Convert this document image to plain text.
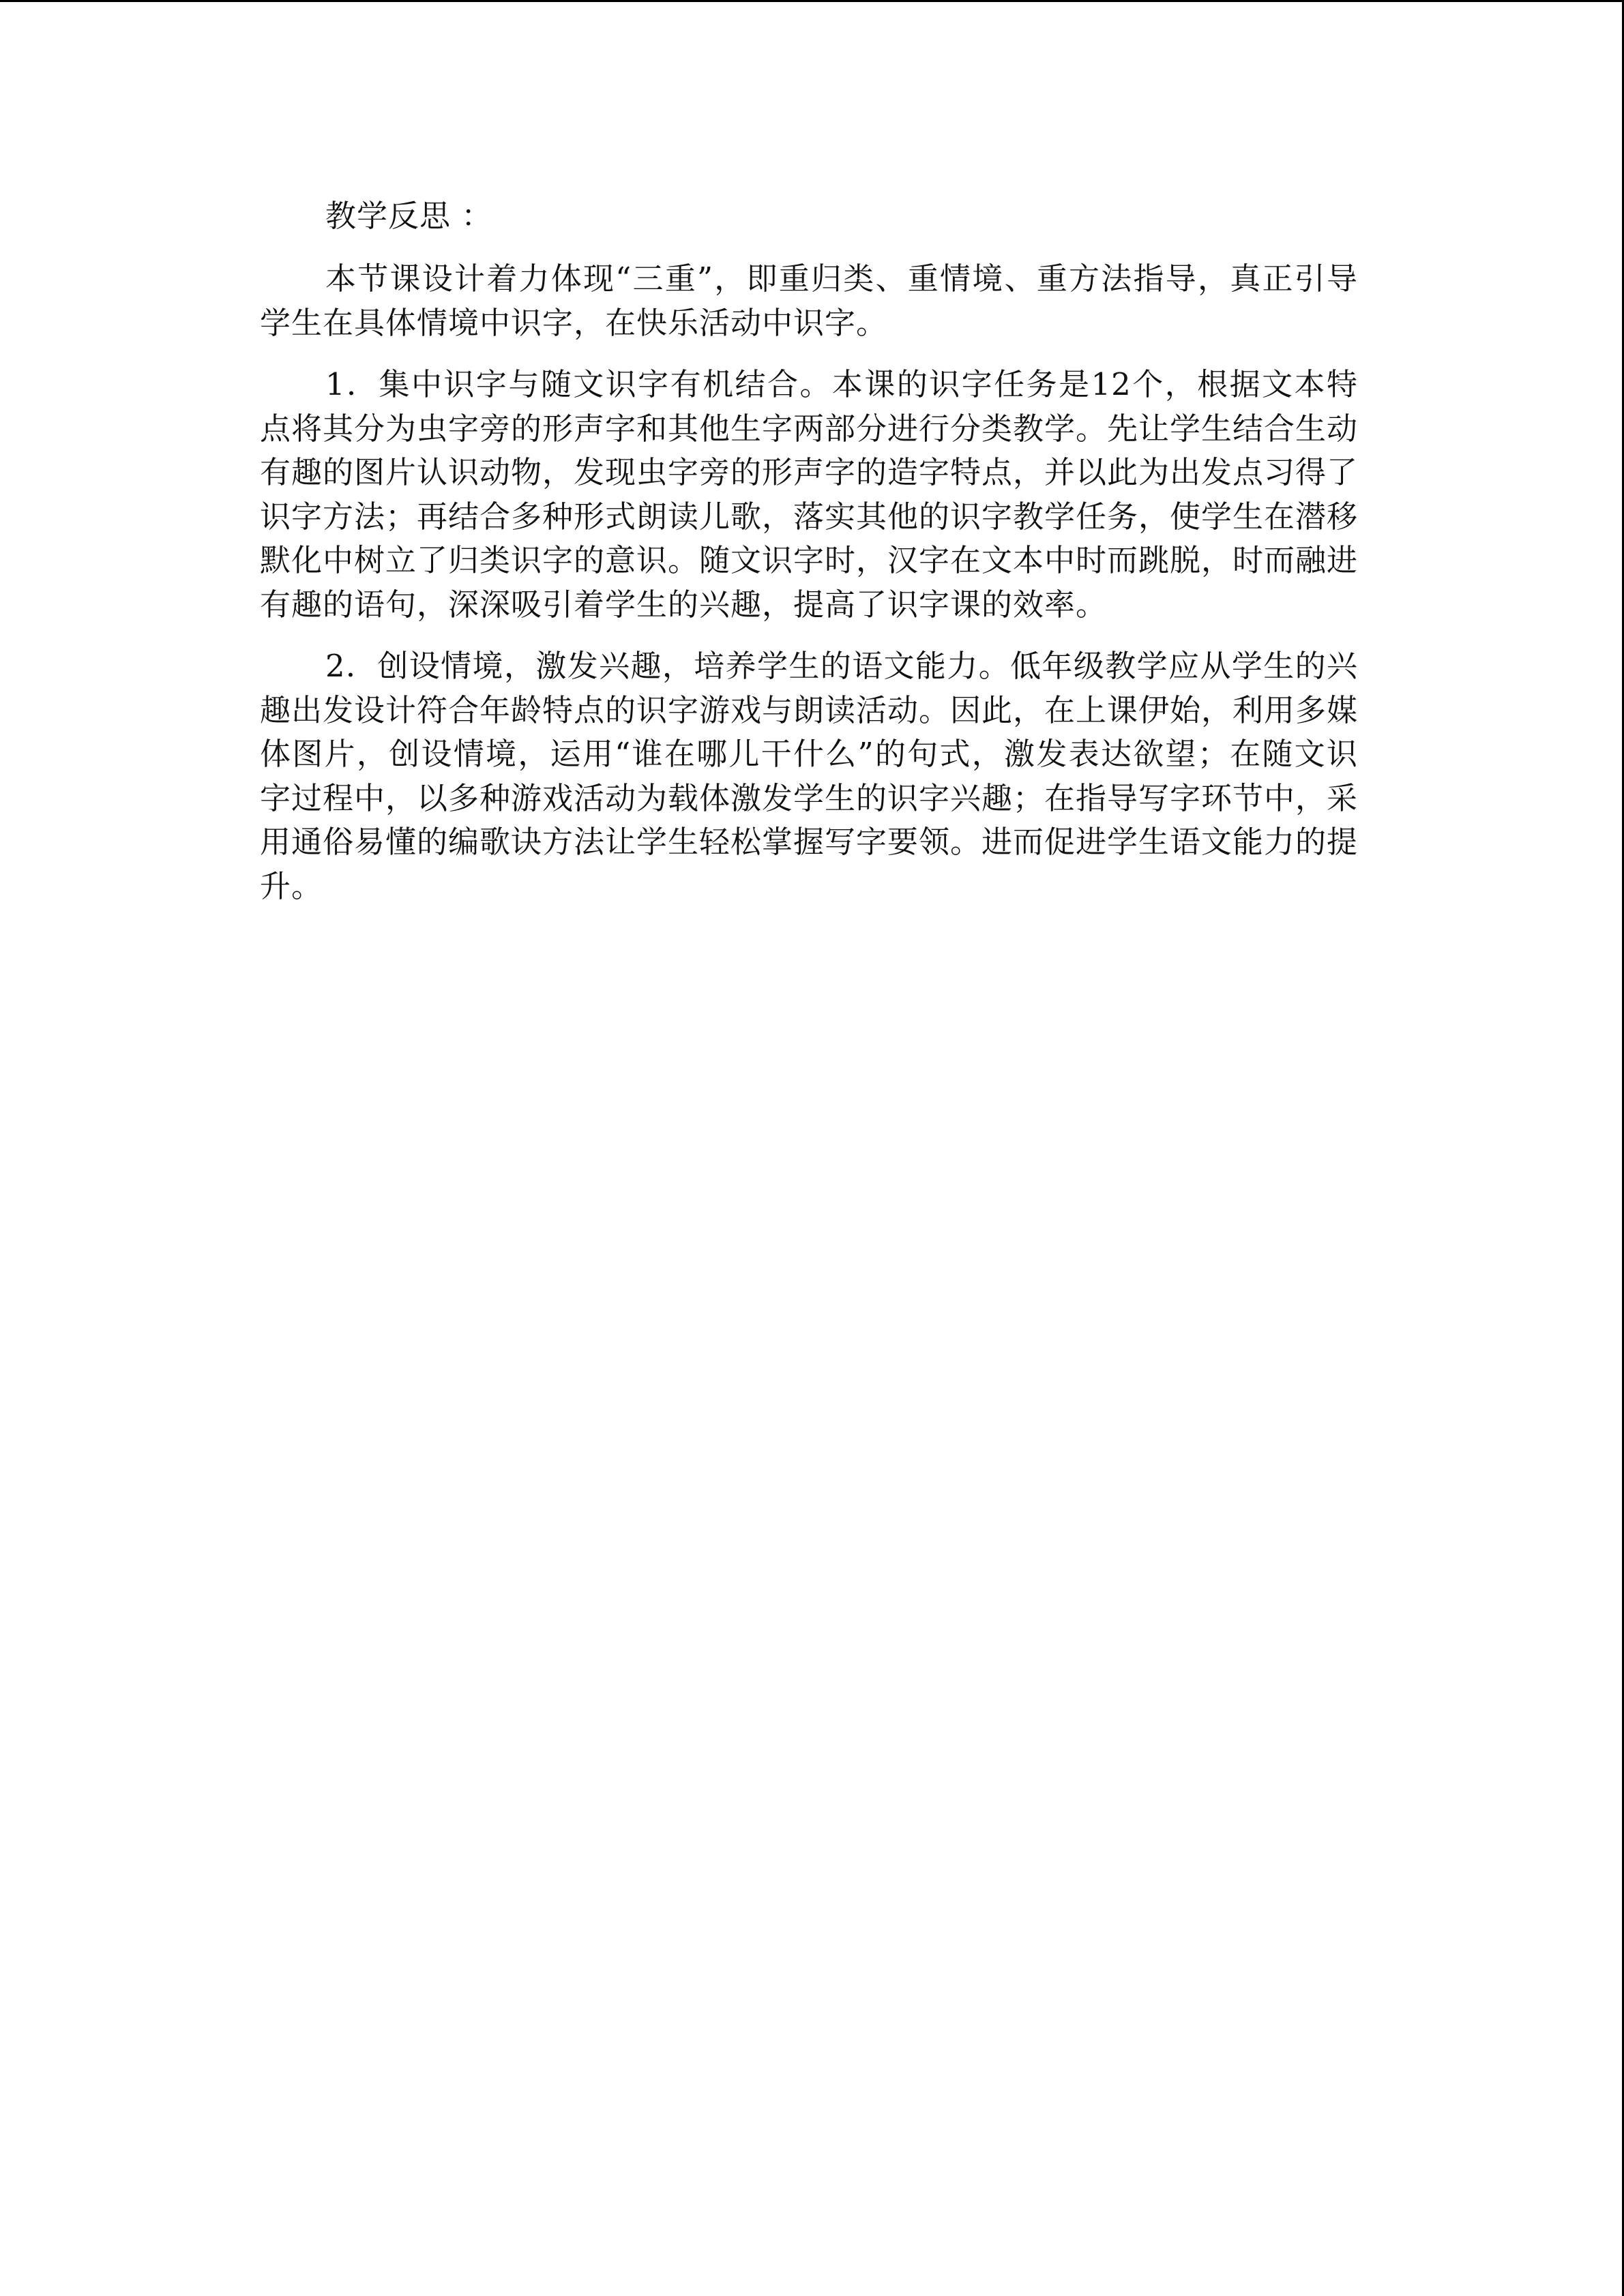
教学反思 ：

本节课设计着力体现“三重”，即重归类、重情境、重方法指导，真正引导学生在具体情境中识字，在快乐活动中识字。

1．集中识字与随文识字有机结合。本课的识字任务是12个，根据文本特点将其分为虫字旁的形声字和其他生字两部分进行分类教学。先让学生结合生动有趣的图片认识动物，发现虫字旁的形声字的造字特点，并以此为出发点习得了识字方法；再结合多种形式朗读儿歌，落实其他的识字教学任务，使学生在潜移默化中树立了归类识字的意识。随文识字时，汉字在文本中时而跳脱，时而融进有趣的语句，深深吸引着学生的兴趣，提高了识字课的效率。

2．创设情境，激发兴趣，培养学生的语文能力。低年级教学应从学生的兴趣出发设计符合年龄特点的识字游戏与朗读活动。因此，在上课伊始，利用多媒体图片，创设情境，运用“谁在哪儿干什么”的句式，激发表达欲望；在随文识字过程中，以多种游戏活动为载体激发学生的识字兴趣；在指导写字环节中，采用通俗易懂的编歌诀方法让学生轻松掌握写字要领。进而促进学生语文能力的提升。
